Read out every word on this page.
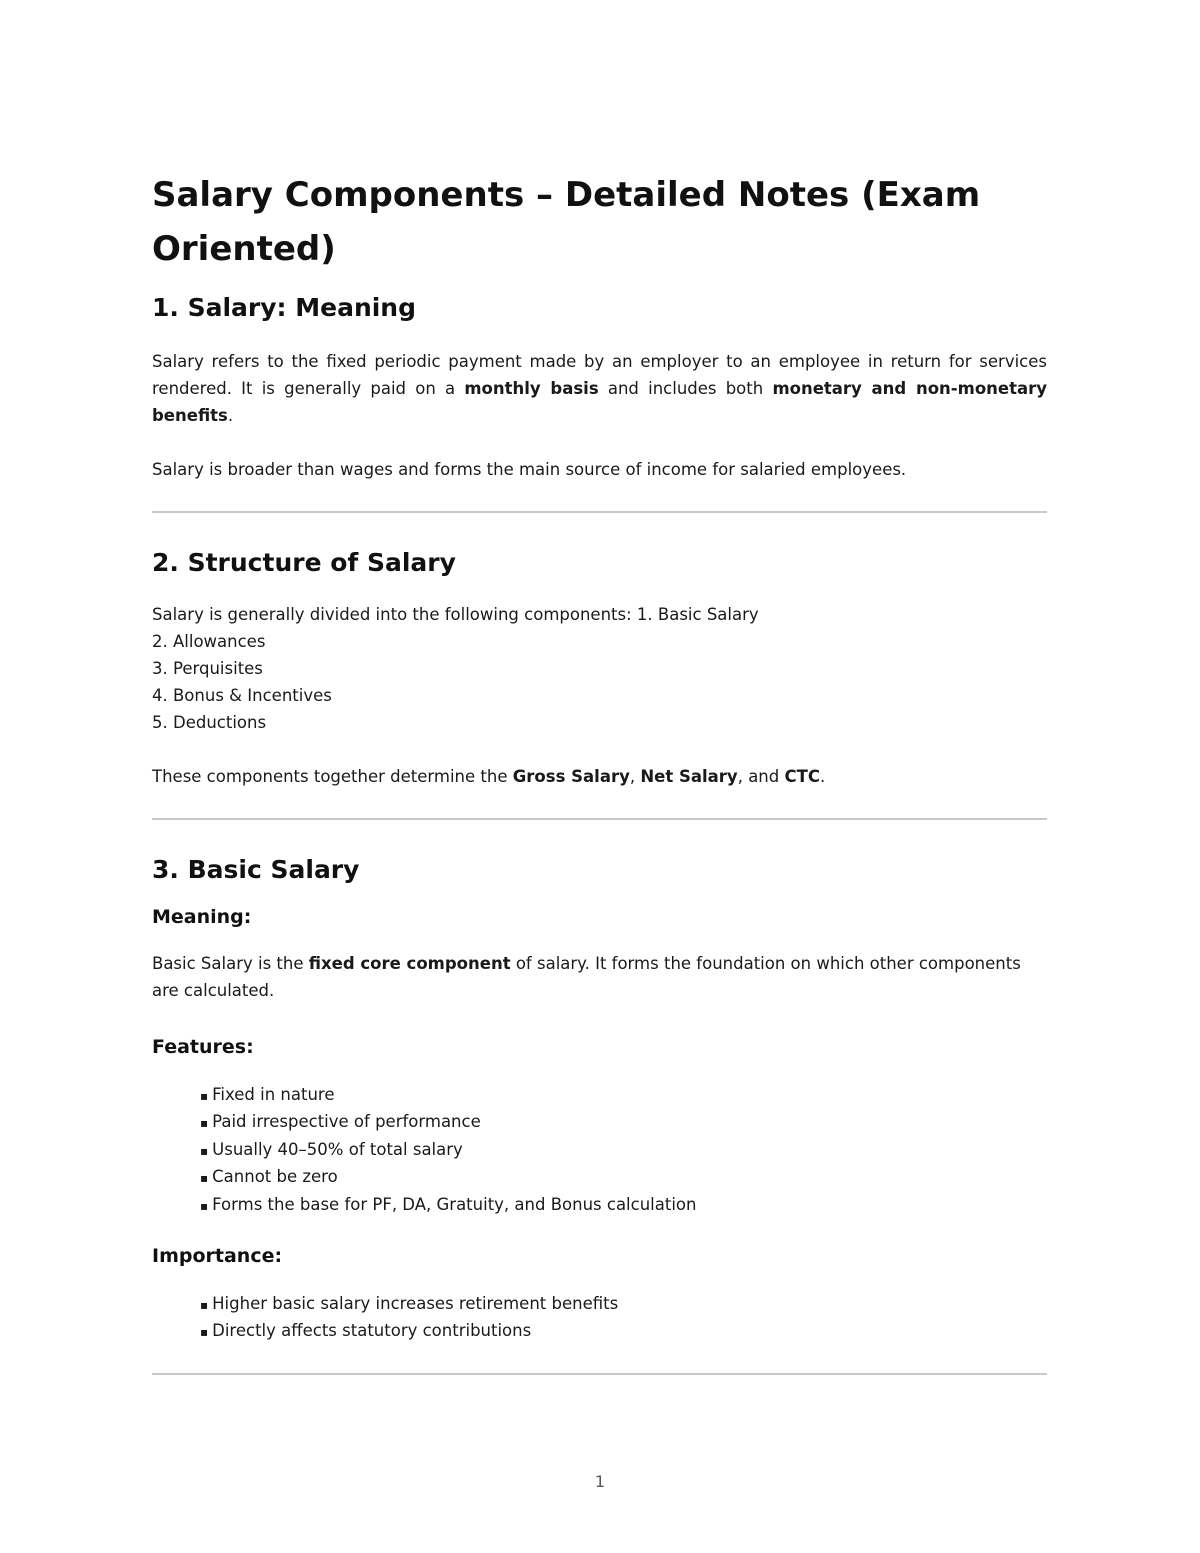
Salary Components – Detailed Notes (Exam Oriented)
1. Salary: Meaning

Salary refers to the fixed periodic payment made by an employer to an employee in return for services rendered. It is generally paid on a monthly basis and includes both monetary and non-monetary benefits.

Salary is broader than wages and forms the main source of income for salaried employees.

2. Structure of Salary

Salary is generally divided into the following components: 1. Basic Salary

2. Allowances

3. Perquisites

4. Bonus & Incentives

5. Deductions

These components together determine the Gross Salary, Net Salary, and CTC.

3. Basic Salary
Meaning:

Basic Salary is the fixed core component of salary. It forms the foundation on which other components are calculated.

Features:
▪ Fixed in nature
▪ Paid irrespective of performance
▪ Usually 40–50% of total salary
▪ Cannot be zero
▪ Forms the base for PF, DA, Gratuity, and Bonus calculation
Importance:
▪ Higher basic salary increases retirement benefits
▪ Directly affects statutory contributions
1
